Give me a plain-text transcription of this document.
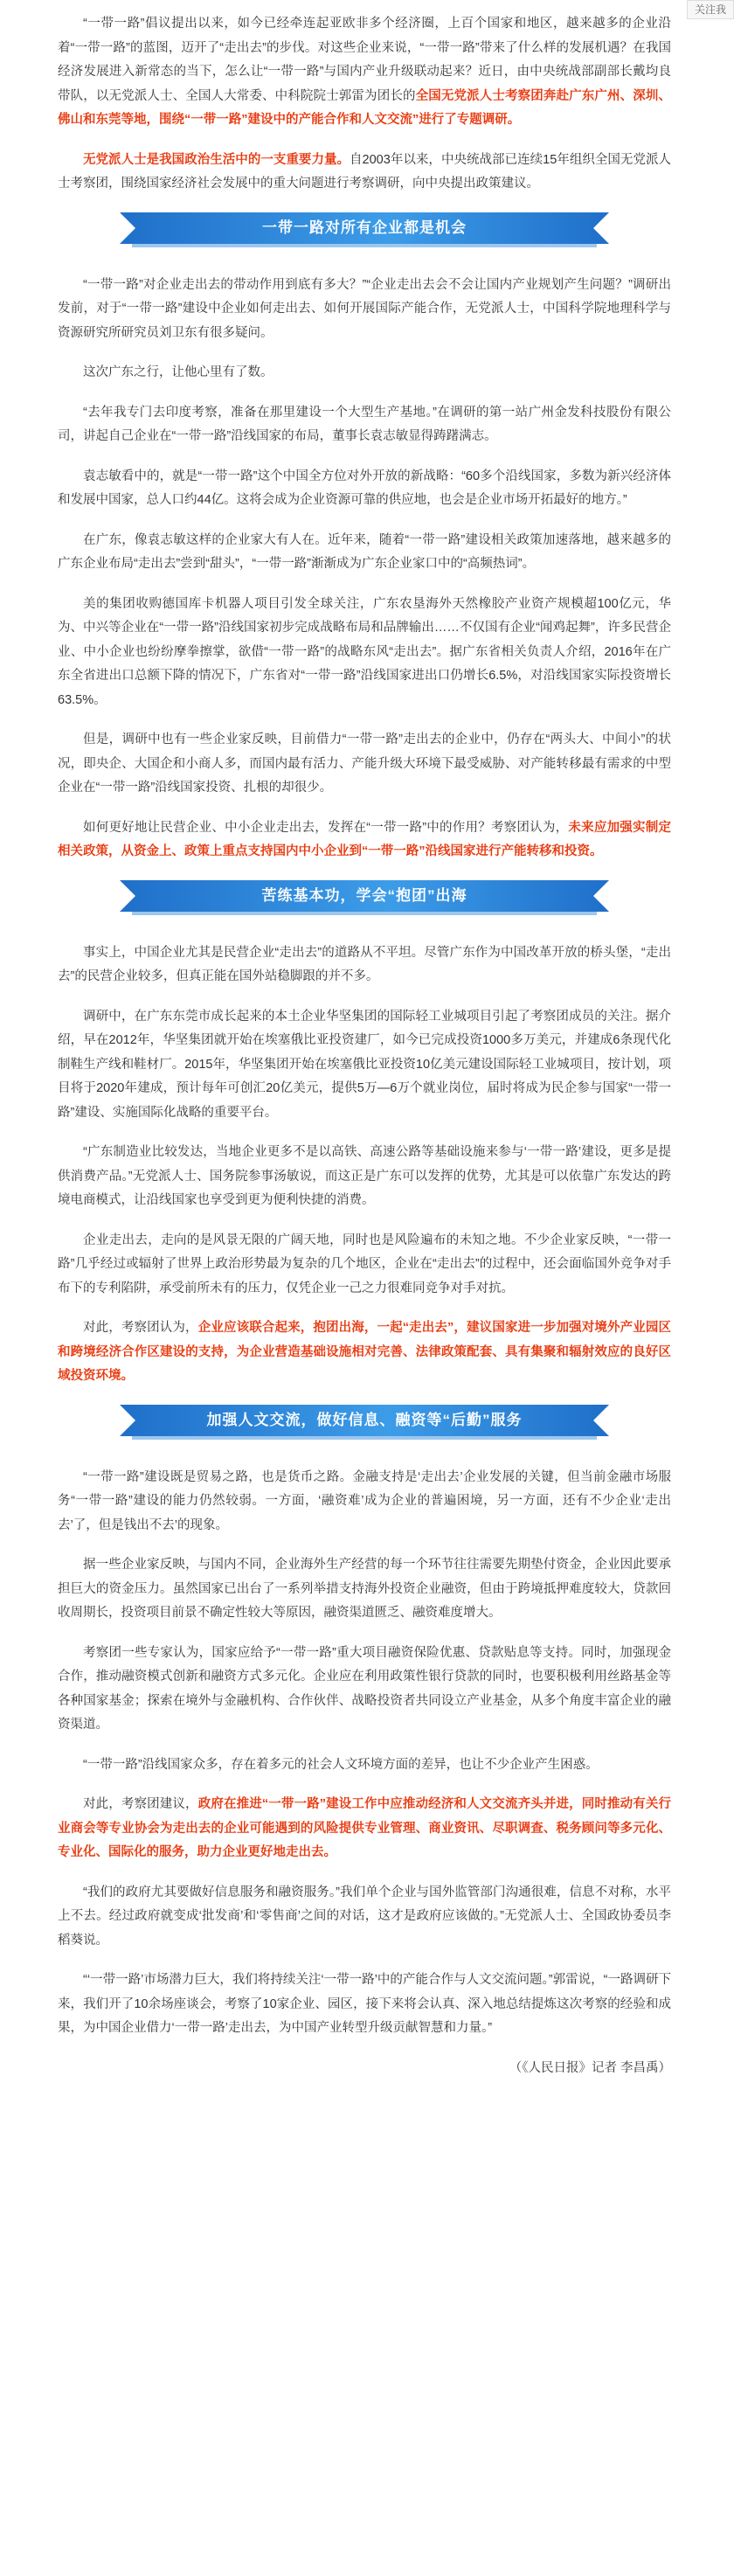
关注我

“一带一路”倡议提出以来，如今已经牵连起亚欧非多个经济圈，上百个国家和地区，越来越多的企业沿着“一带一路”的蓝图，迈开了“走出去”的步伐。对这些企业来说，“一带一路”带来了什么样的发展机遇？在我国经济发展进入新常态的当下，怎么让“一带一路”与国内产业升级联动起来？近日，由中央统战部副部长戴均良带队，以无党派人士、全国人大常委、中科院院士郭雷为团长的全国无党派人士考察团奔赴广东广州、深圳、佛山和东莞等地，围绕“一带一路”建设中的产能合作和人文交流”进行了专题调研。

无党派人士是我国政治生活中的一支重要力量。自2003年以来，中央统战部已连续15年组织全国无党派人士考察团，围绕国家经济社会发展中的重大问题进行考察调研，向中央提出政策建议。

一带一路对所有企业都是机会

“一带一路”对企业走出去的带动作用到底有多大？”“企业走出去会不会让国内产业规划产生问题？”调研出发前，对于“一带一路”建设中企业如何走出去、如何开展国际产能合作，无党派人士，中国科学院地理科学与资源研究所研究员刘卫东有很多疑问。

这次广东之行，让他心里有了数。

“去年我专门去印度考察，准备在那里建设一个大型生产基地。”在调研的第一站广州金发科技股份有限公司，讲起自己企业在“一带一路”沿线国家的布局，董事长袁志敏显得踌躇满志。

袁志敏看中的，就是“一带一路”这个中国全方位对外开放的新战略：“60多个沿线国家，多数为新兴经济体和发展中国家，总人口约44亿。这将会成为企业资源可靠的供应地，也会是企业市场开拓最好的地方。”

在广东，像袁志敏这样的企业家大有人在。近年来，随着“一带一路”建设相关政策加速落地，越来越多的广东企业布局“走出去”尝到“甜头”，“一带一路”渐渐成为广东企业家口中的“高频热词”。

美的集团收购德国库卡机器人项目引发全球关注，广东农垦海外天然橡胶产业资产规模超100亿元，华为、中兴等企业在“一带一路”沿线国家初步完成战略布局和品牌输出……不仅国有企业“闻鸡起舞”，许多民营企业、中小企业也纷纷摩拳擦掌，欲借“一带一路”的战略东风“走出去”。据广东省相关负责人介绍，2016年在广东全省进出口总额下降的情况下，广东省对“一带一路”沿线国家进出口仍增长6.5%，对沿线国家实际投资增长63.5%。

但是，调研中也有一些企业家反映，目前借力“一带一路”走出去的企业中，仍存在“两头大、中间小”的状况，即央企、大国企和小商人多，而国内最有活力、产能升级大环境下最受威胁、对产能转移最有需求的中型企业在“一带一路”沿线国家投资、扎根的却很少。

如何更好地让民营企业、中小企业走出去，发挥在“一带一路”中的作用？考察团认为，未来应加强实制定相关政策，从资金上、政策上重点支持国内中小企业到“一带一路”沿线国家进行产能转移和投资。

苦练基本功，学会“抱团”出海

事实上，中国企业尤其是民营企业“走出去”的道路从不平坦。尽管广东作为中国改革开放的桥头堡，“走出去”的民营企业较多，但真正能在国外站稳脚跟的并不多。

调研中，在广东东莞市成长起来的本土企业华坚集团的国际轻工业城项目引起了考察团成员的关注。据介绍，早在2012年，华坚集团就开始在埃塞俄比亚投资建厂，如今已完成投资1000多万美元，并建成6条现代化制鞋生产线和鞋材厂。2015年，华坚集团开始在埃塞俄比亚投资10亿美元建设国际轻工业城项目，按计划，项目将于2020年建成，预计每年可创汇20亿美元，提供5万—6万个就业岗位，届时将成为民企参与国家“一带一路”建设、实施国际化战略的重要平台。

“广东制造业比较发达，当地企业更多不是以高铁、高速公路等基础设施来参与‘一带一路’建设，更多是提供消费产品。”无党派人士、国务院参事汤敏说，而这正是广东可以发挥的优势，尤其是可以依靠广东发达的跨境电商模式，让沿线国家也享受到更为便利快捷的消费。

企业走出去，走向的是风景无限的广阔天地，同时也是风险遍布的未知之地。不少企业家反映，“一带一路”几乎经过或辐射了世界上政治形势最为复杂的几个地区，企业在“走出去”的过程中，还会面临国外竞争对手布下的专利陷阱，承受前所未有的压力，仅凭企业一己之力很难同竞争对手对抗。

对此，考察团认为，企业应该联合起来，抱团出海，一起“走出去”，建议国家进一步加强对境外产业园区和跨境经济合作区建设的支持，为企业营造基础设施相对完善、法律政策配套、具有集聚和辐射效应的良好区域投资环境。

加强人文交流，做好信息、融资等“后勤”服务

“一带一路”建设既是贸易之路，也是货币之路。金融支持是‘走出去’企业发展的关键，但当前金融市场服务“一带一路”建设的能力仍然较弱。一方面，‘融资难’成为企业的普遍困境，另一方面，还有不少企业‘走出去’了，但是钱出不去’的现象。

据一些企业家反映，与国内不同，企业海外生产经营的每一个环节往往需要先期垫付资金，企业因此要承担巨大的资金压力。虽然国家已出台了一系列举措支持海外投资企业融资，但由于跨境抵押难度较大，贷款回收周期长，投资项目前景不确定性较大等原因，融资渠道匮乏、融资难度增大。

考察团一些专家认为，国家应给予“一带一路”重大项目融资保险优惠、贷款贴息等支持。同时，加强现金合作，推动融资模式创新和融资方式多元化。企业应在利用政策性银行贷款的同时，也要积极利用丝路基金等各种国家基金；探索在境外与金融机构、合作伙伴、战略投资者共同设立产业基金，从多个角度丰富企业的融资渠道。

“一带一路”沿线国家众多，存在着多元的社会人文环境方面的差异，也让不少企业产生困惑。

对此，考察团建议，政府在推进“一带一路”建设工作中应推动经济和人文交流齐头并进，同时推动有关行业商会等专业协会为走出去的企业可能遇到的风险提供专业管理、商业资讯、尽职调查、税务顾问等多元化、专业化、国际化的服务，助力企业更好地走出去。

“我们的政府尤其要做好信息服务和融资服务。”我们单个企业与国外监管部门沟通很难，信息不对称，水平上不去。经过政府就变成‘批发商’和‘零售商’之间的对话，这才是政府应该做的。”无党派人士、全国政协委员李稻葵说。

“‘一带一路’市场潜力巨大，我们将持续关注‘一带一路’中的产能合作与人文交流问题。”郭雷说，“一路调研下来，我们开了10余场座谈会，考察了10家企业、园区，接下来将会认真、深入地总结提炼这次考察的经验和成果，为中国企业借力‘一带一路’走出去，为中国产业转型升级贡献智慧和力量。”

（《人民日报》记者 李昌禹）
